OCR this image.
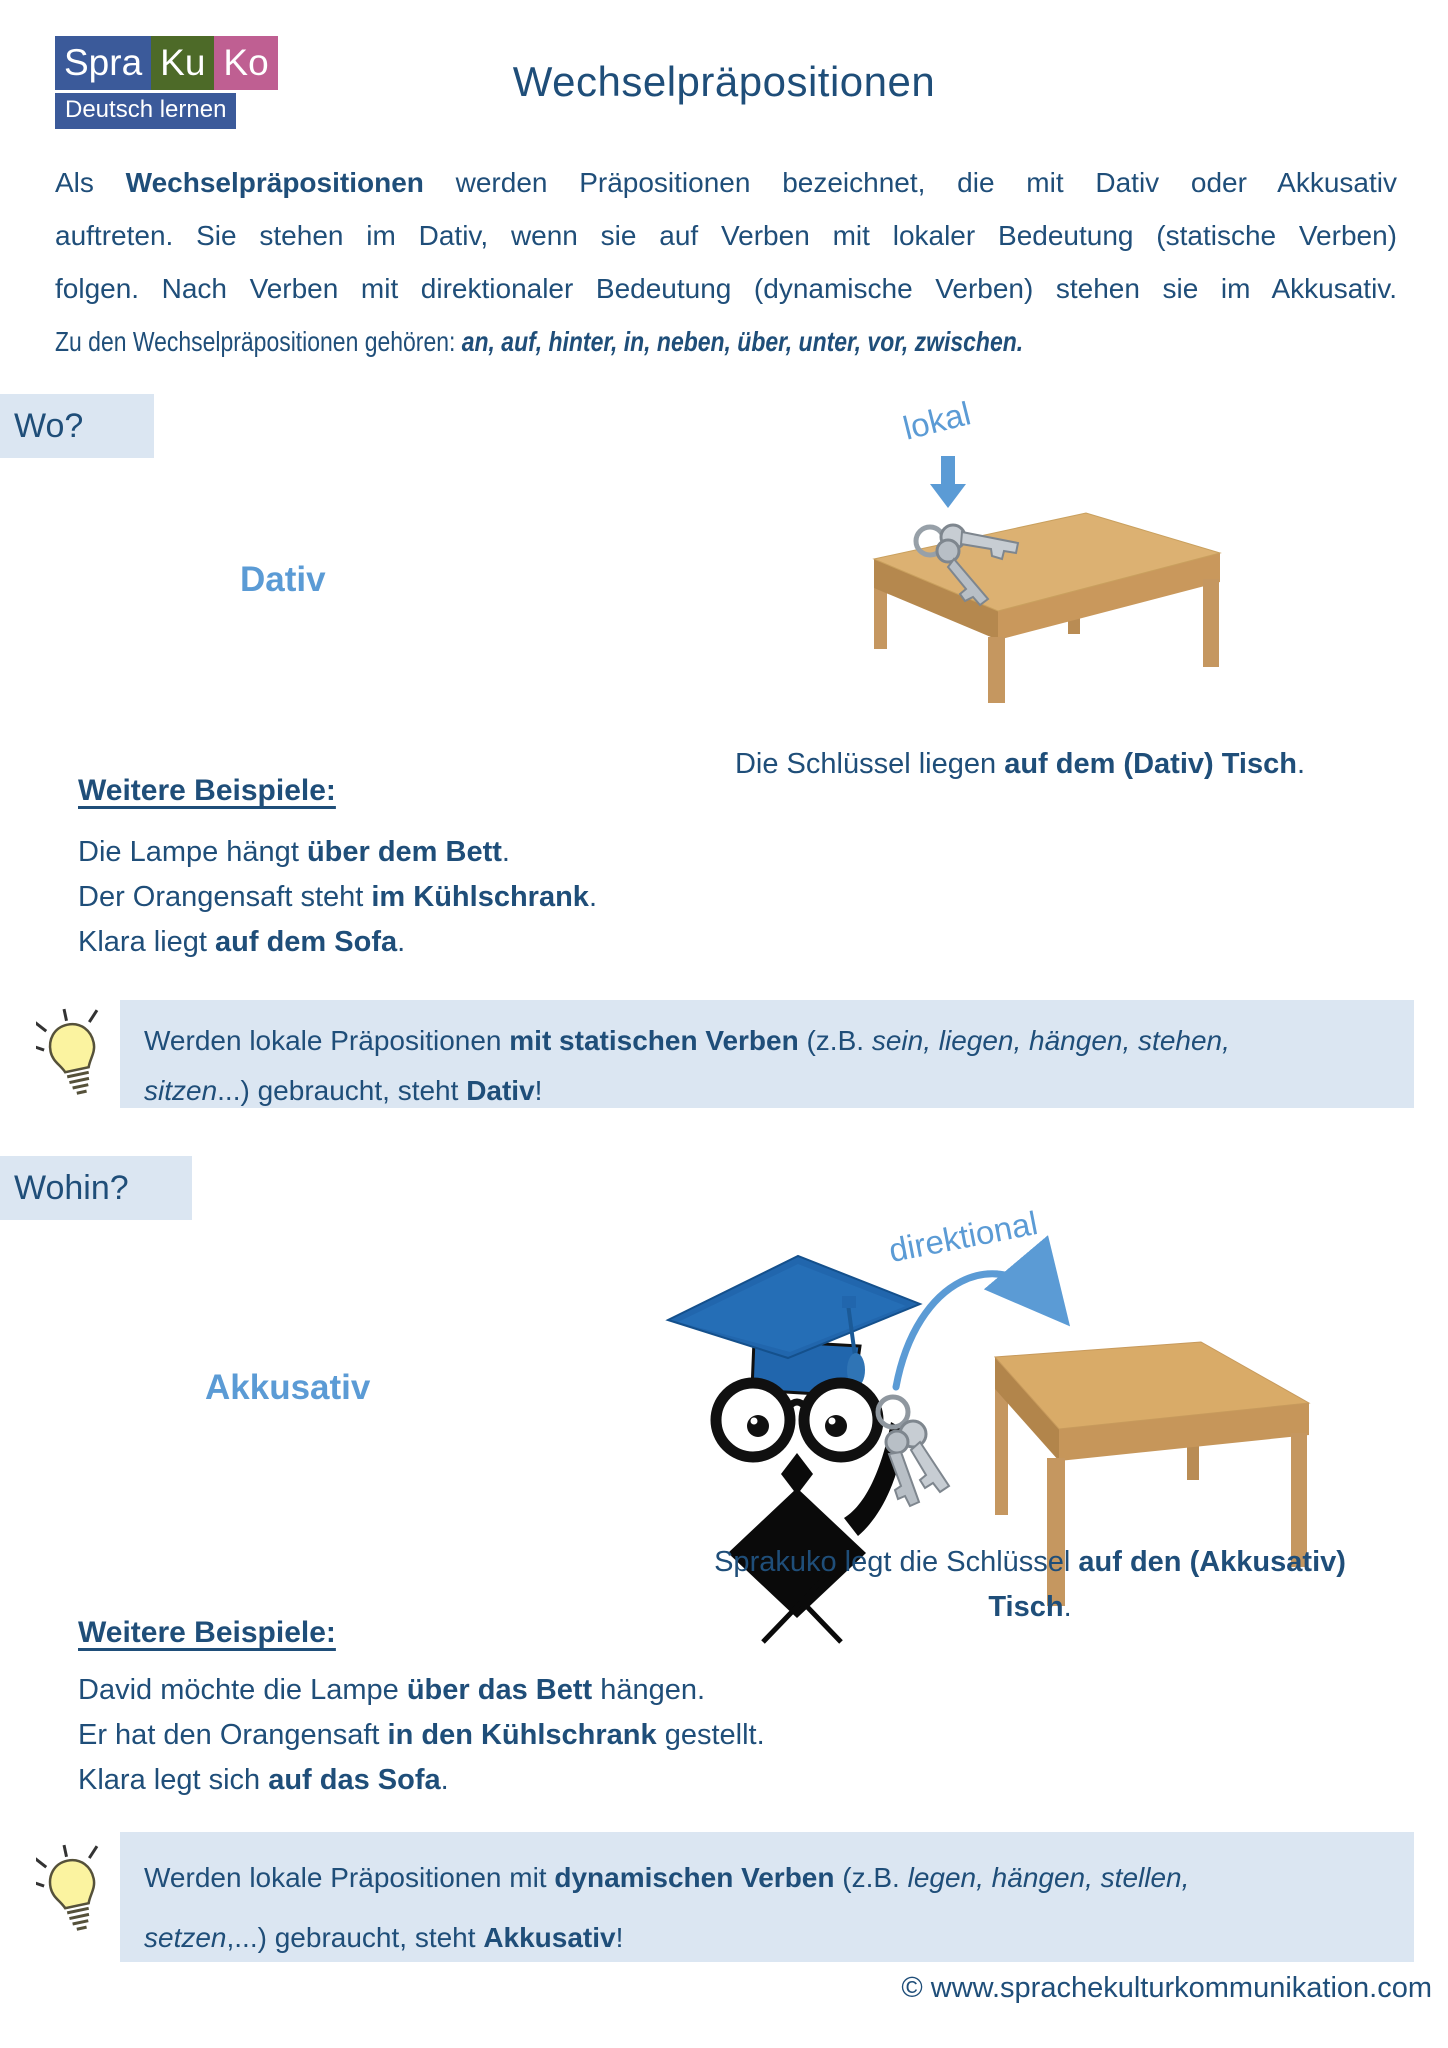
Spra Ku Ko
Deutsch lernen
Wechselpräpositionen
Als Wechselpräpositionen werden Präpositionen bezeichnet, die mit Dativ oder Akkusativ
auftreten. Sie stehen im Dativ, wenn sie auf Verben mit lokaler Bedeutung (statische Verben)
folgen. Nach Verben mit direktionaler Bedeutung (dynamische Verben) stehen sie im Akkusativ.
Zu den Wechselpräpositionen gehören: an, auf, hinter, in, neben, über, unter, vor, zwischen.
Wo?	lokal
Dativ
Die Schlüssel liegen auf dem (Dativ) Tisch.
Weitere Beispiele:
Die Lampe hängt über dem Bett.
Der Orangensaft steht im Kühlschrank.
Klara liegt auf dem Sofa.
Werden lokale Präpositionen mit statischen Verben (z.B. sein, liegen, hängen, stehen,
sitzen...) gebraucht, steht Dativ!
Wohin?
direktional
Akkusativ
Sprakuko legt die Schlüssel auf den (Akkusativ)
Tisch.
Weitere Beispiele:
David möchte die Lampe über das Bett hängen.
Er hat den Orangensaft in den Kühlschrank gestellt.
Klara legt sich auf das Sofa.
Werden lokale Präpositionen mit dynamischen Verben (z.B. legen, hängen, stellen,
setzen,...) gebraucht, steht Akkusativ!
© www.sprachekulturkommunikation.com
